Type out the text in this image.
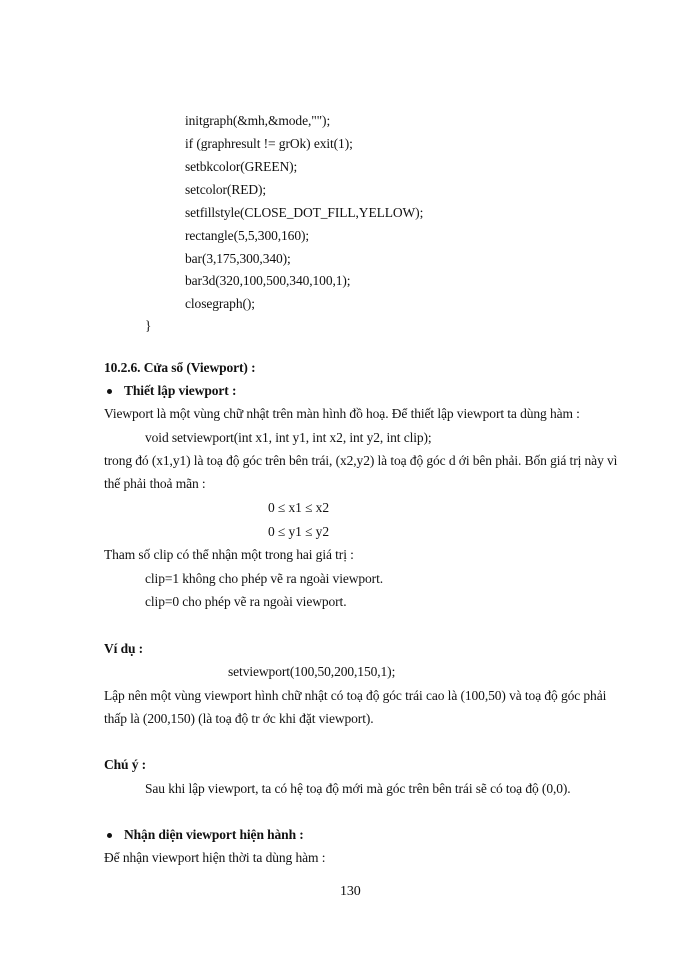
initgraph(&mh,&mode,"");
if (graphresult != grOk) exit(1);
setbkcolor(GREEN);
setcolor(RED);
setfillstyle(CLOSE_DOT_FILL,YELLOW);
rectangle(5,5,300,160);
bar(3,175,300,340);
bar3d(320,100,500,340,100,1);
closegraph();
}
10.2.6. Cửa sổ (Viewport) :
Thiết lập viewport :
Viewport là một vùng chữ nhật trên màn hình đồ hoạ. Để thiết lập viewport ta dùng hàm :
void setviewport(int x1, int y1, int x2, int y2, int clip);
trong đó (x1,y1) là toạ độ góc trên bên trái, (x2,y2) là toạ độ góc d ới bên phải. Bốn giá trị này vì
thế phải thoả mãn :
0 ≤ x1 ≤ x2
0 ≤ y1 ≤ y2
Tham số clip có thể nhận một trong hai giá trị :
clip=1 không cho phép vẽ ra ngoài viewport.
clip=0 cho phép vẽ ra ngoài viewport.
Ví dụ :
setviewport(100,50,200,150,1);
Lập nên một vùng viewport hình chữ nhật có toạ độ góc trái cao là (100,50) và toạ độ góc phải
thấp là (200,150) (là toạ độ tr ớc khi đặt viewport).
Chú ý :
Sau khi lập viewport, ta có hệ toạ độ mới mà góc trên bên trái sẽ có toạ độ (0,0).
Nhận diện viewport hiện hành :
Để nhận viewport hiện thời ta dùng hàm :
130
